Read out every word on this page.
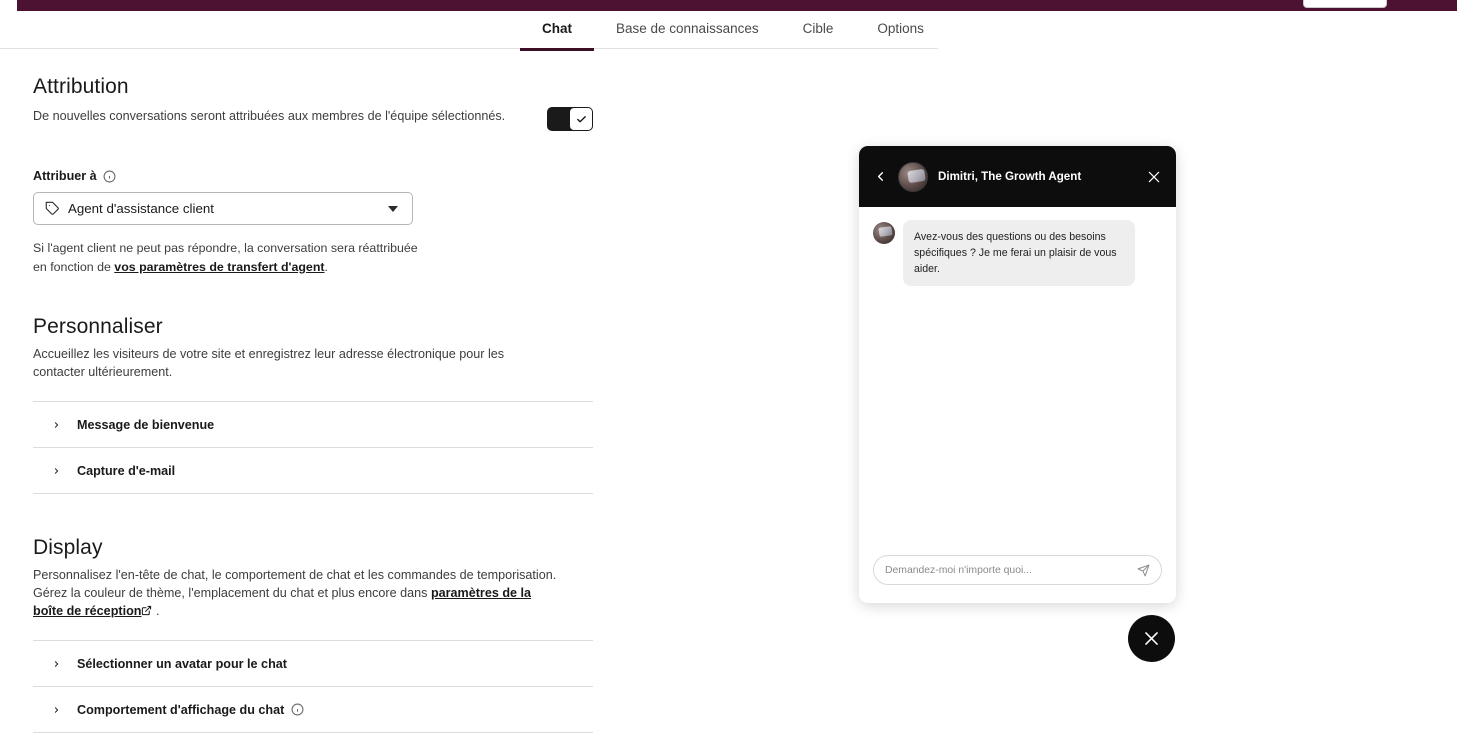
Chat	Base de connaissances	Cible	Options
Attribution

De nouvelles conversations seront attribuées aux membres de l'équipe sélectionnés.

Attribuer à
Agent d'assistance client
Si l'agent client ne peut pas répondre, la conversation sera réattribuée en fonction de vos paramètres de transfert d'agent.
Personnaliser

Accueillez les visiteurs de votre site et enregistrez leur adresse électronique pour les contacter ultérieurement.

Message de bienvenue
Capture d'e-mail
Display

Personnalisez l'en-tête de chat, le comportement de chat et les commandes de temporisation. Gérez la couleur de thème, l'emplacement du chat et plus encore dans paramètres de la boîte de réception .

Sélectionner un avatar pour le chat
Comportement d'affichage du chat
Dimitri, The Growth Agent
Avez-vous des questions ou des besoins spécifiques ? Je me ferai un plaisir de vous aider.
Demandez-moi n'importe quoi...
